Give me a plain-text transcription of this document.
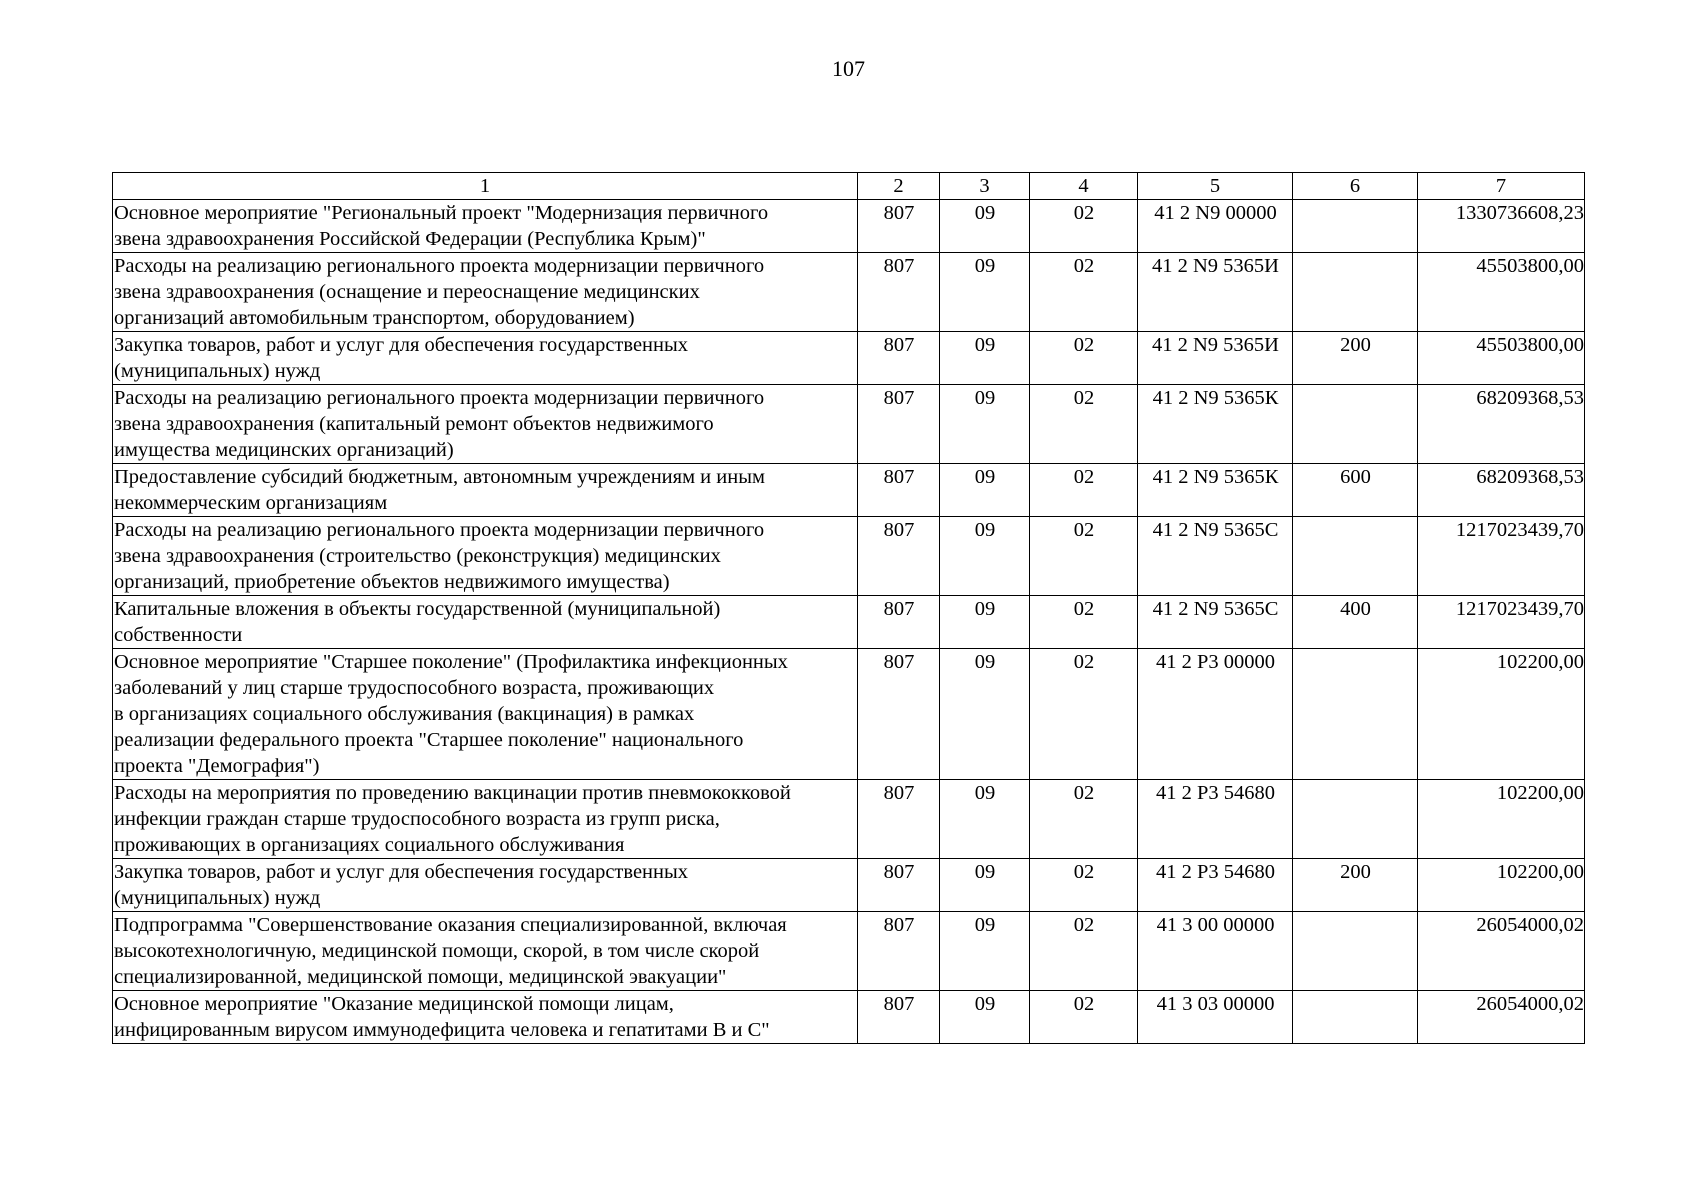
107
1	2	3	4	5	6	7
Основное мероприятие "Региональный проект "Модернизация первичного
звена здравоохранения Российской Федерации (Республика Крым)"	807	09	02	41 2 N9 00000		1330736608,23
Расходы на реализацию регионального проекта модернизации первичного
звена здравоохранения (оснащение и переоснащение медицинских
организаций автомобильным транспортом, оборудованием)	807	09	02	41 2 N9 5365И		45503800,00
Закупка товаров, работ и услуг для обеспечения государственных
(муниципальных) нужд	807	09	02	41 2 N9 5365И	200	45503800,00
Расходы на реализацию регионального проекта модернизации первичного
звена здравоохранения (капитальный ремонт объектов недвижимого
имущества медицинских организаций)	807	09	02	41 2 N9 5365К		68209368,53
Предоставление субсидий бюджетным, автономным учреждениям и иным
некоммерческим организациям	807	09	02	41 2 N9 5365К	600	68209368,53
Расходы на реализацию регионального проекта модернизации первичного
звена здравоохранения (строительство (реконструкция) медицинских
организаций, приобретение объектов недвижимого имущества)	807	09	02	41 2 N9 5365С		1217023439,70
Капитальные вложения в объекты государственной (муниципальной)
собственности	807	09	02	41 2 N9 5365С	400	1217023439,70
Основное мероприятие "Старшее поколение" (Профилактика инфекционных
заболеваний у лиц старше трудоспособного возраста, проживающих
в организациях социального обслуживания (вакцинация) в рамках
реализации федерального проекта "Старшее поколение" национального
проекта "Демография")	807	09	02	41 2 P3 00000		102200,00
Расходы на мероприятия по проведению вакцинации против пневмококковой
инфекции граждан старше трудоспособного возраста из групп риска,
проживающих в организациях социального обслуживания	807	09	02	41 2 P3 54680		102200,00
Закупка товаров, работ и услуг для обеспечения государственных
(муниципальных) нужд	807	09	02	41 2 P3 54680	200	102200,00
Подпрограмма "Совершенствование оказания специализированной, включая
высокотехнологичную, медицинской помощи, скорой, в том числе скорой
специализированной, медицинской помощи, медицинской эвакуации"	807	09	02	41 3 00 00000		26054000,02
Основное мероприятие "Оказание медицинской помощи лицам,
инфицированным вирусом иммунодефицита человека и гепатитами B и C"	807	09	02	41 3 03 00000		26054000,02
